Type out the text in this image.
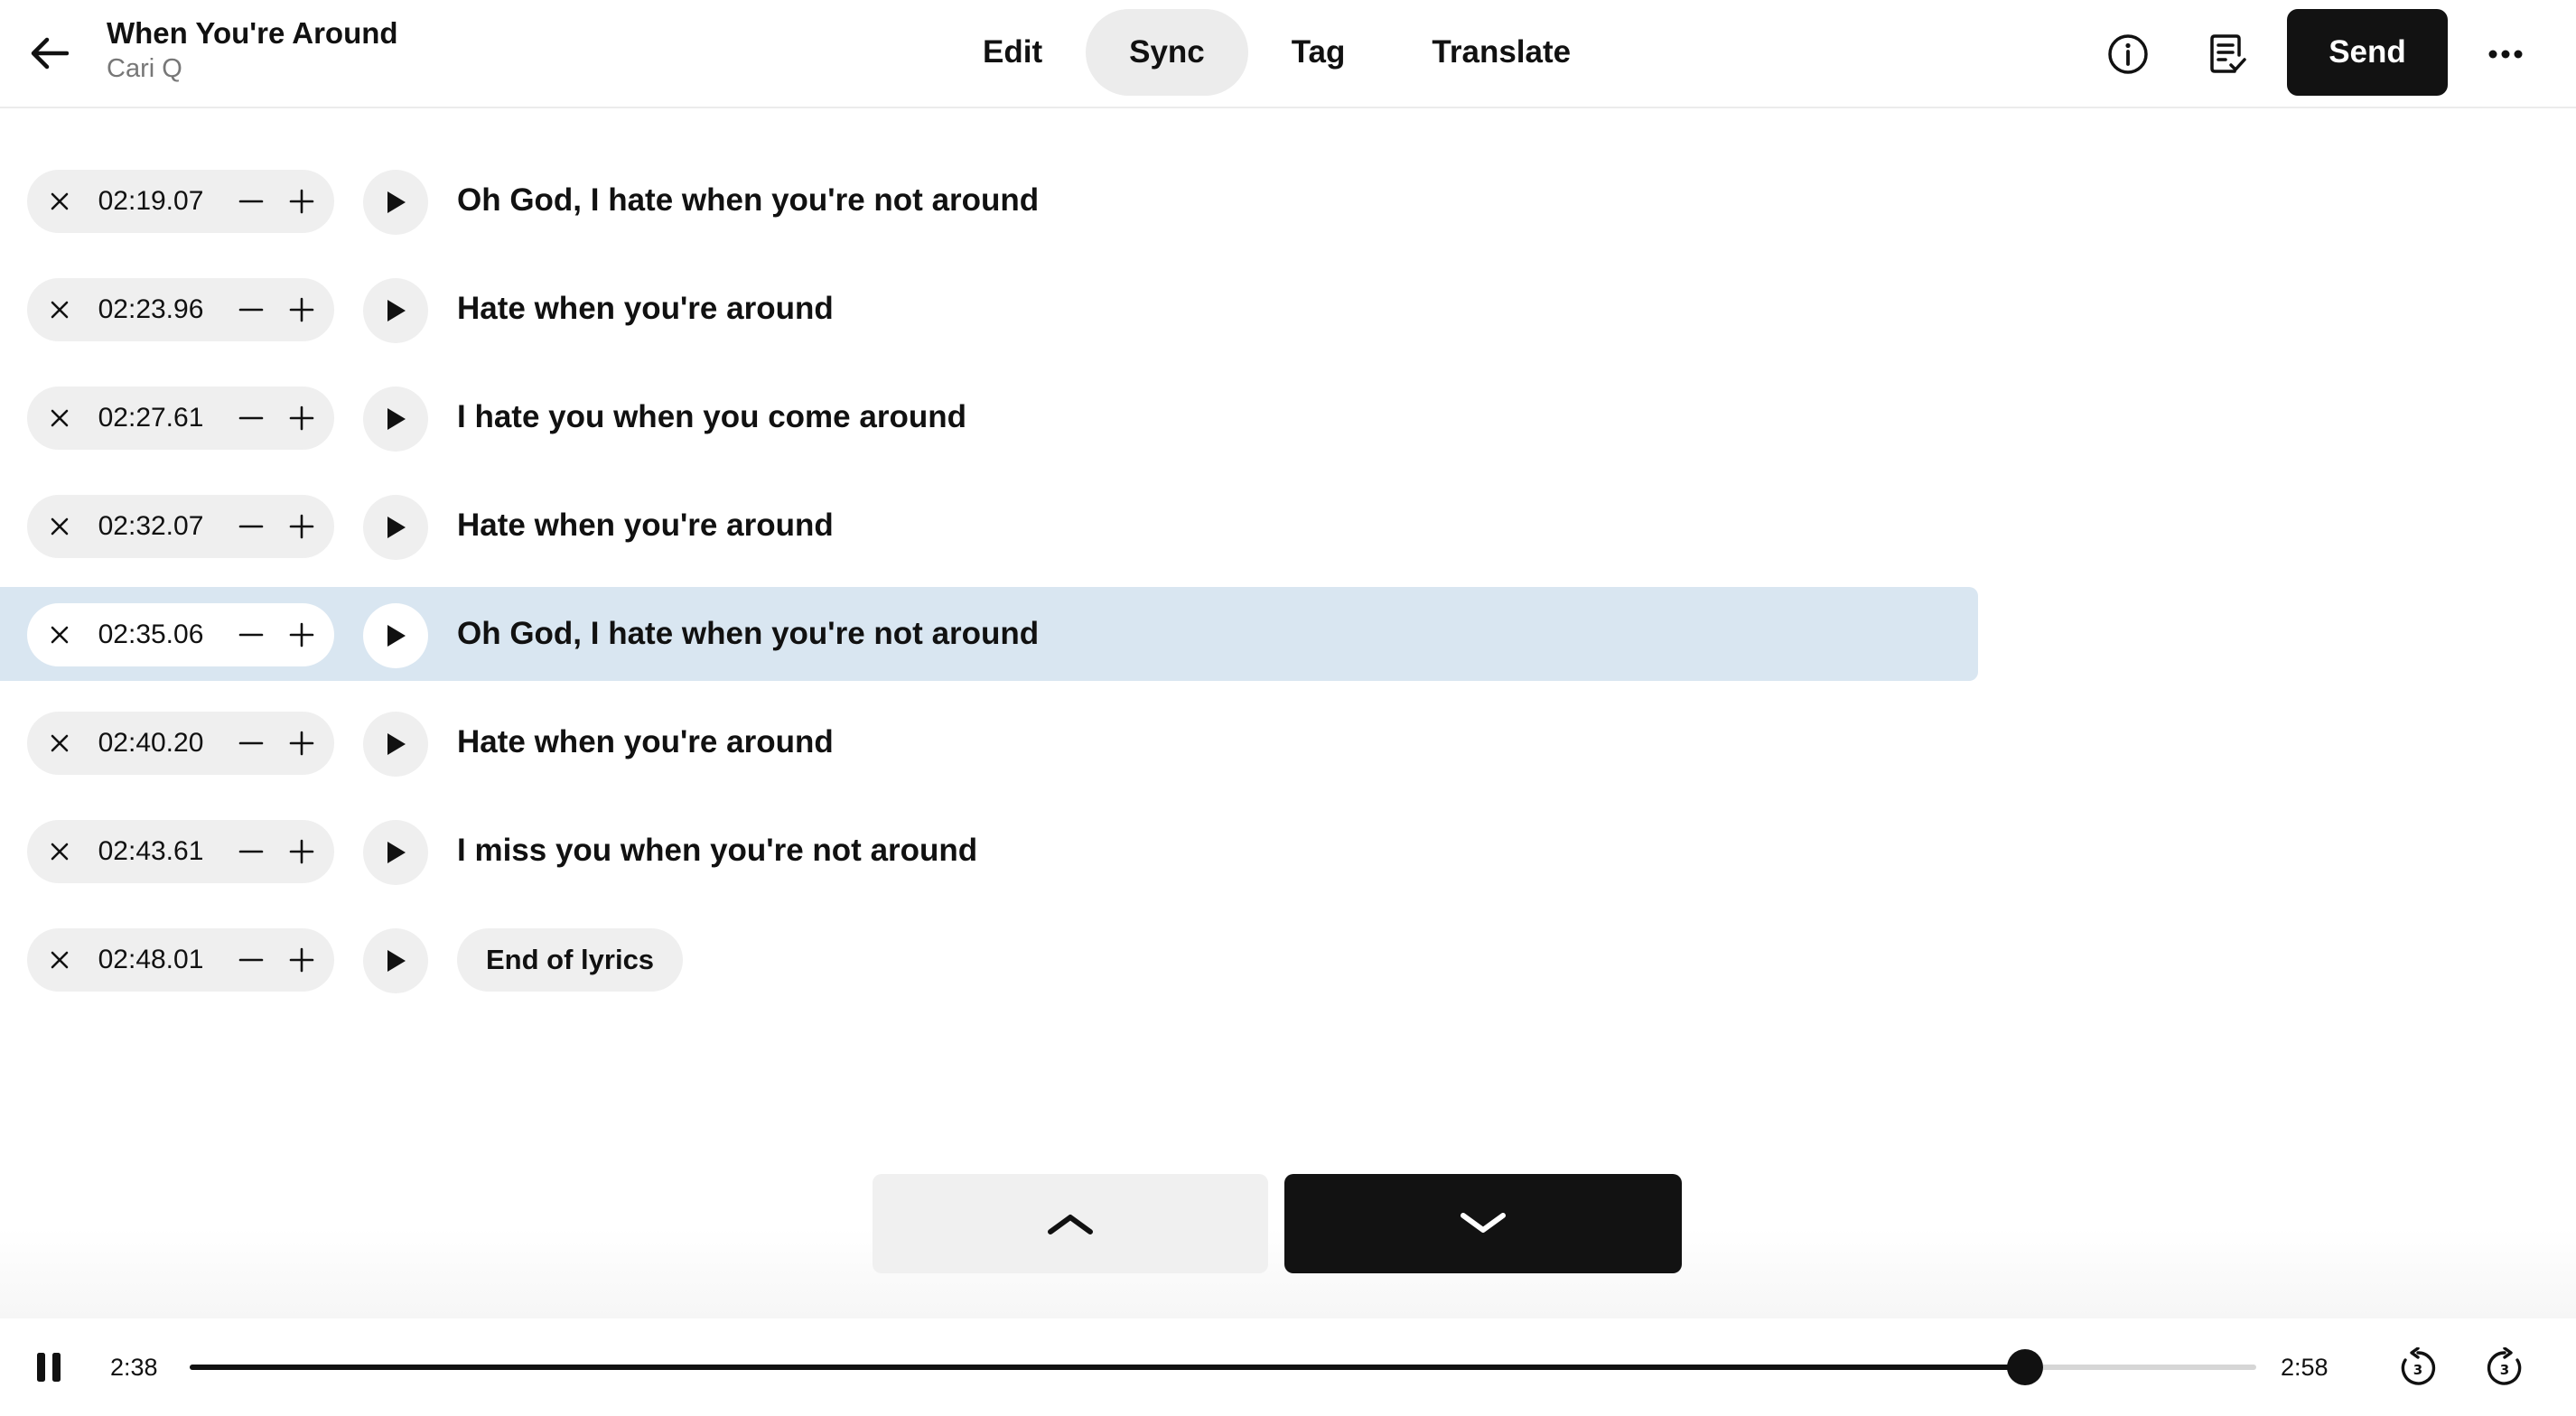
02:19.07	Oh God, I hate when you're not around
02:23.96	Hate when you're around
02:27.61	I hate you when you come around
02:32.07	Hate when you're around
02:35.06	Oh God, I hate when you're not around
02:40.20	Hate when you're around
02:43.61	I miss you when you're not around
02:48.01	End of lyrics
When You're Around
Cari Q	Edit	Sync	Tag	Translate	Send
2:38	2:58	3	3
